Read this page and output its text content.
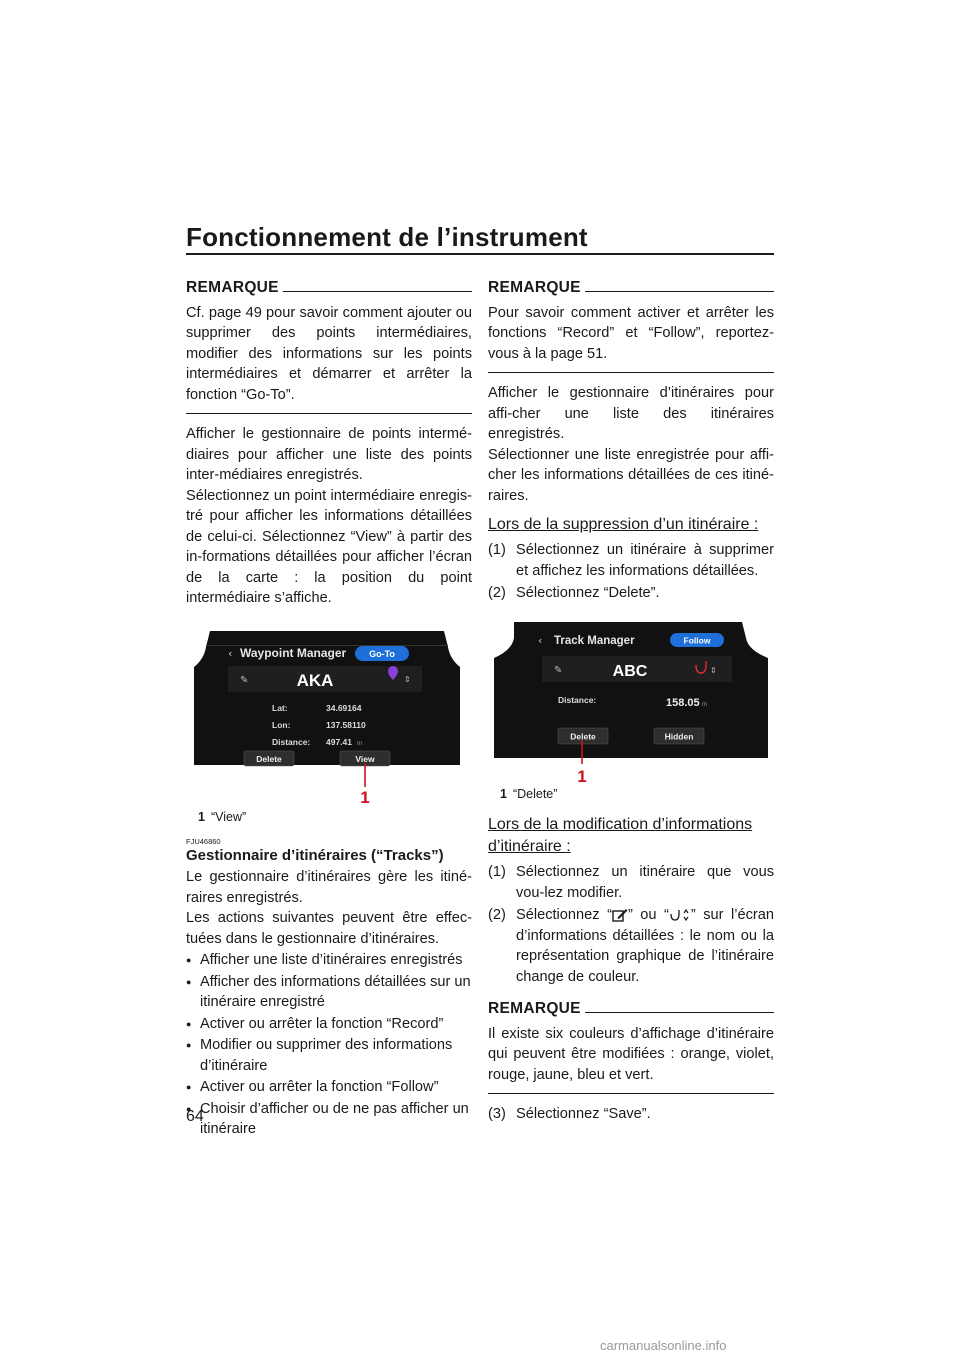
Fonctionnement de l’instrument
REMARQUE

Cf. page 49 pour savoir comment ajouter ou supprimer des points intermédiaires, modifier des informations sur les points intermédiaires et démarrer et arrêter la fonction “Go-To”.

Afficher le gestionnaire de points intermé-diaires pour afficher une liste des points inter-médiaires enregistrés.

Sélectionnez un point intermédiaire enregis-tré pour afficher les informations détaillées de celui-ci. Sélectionnez “View” à partir des in-formations détaillées pour afficher l’écran de la carte : la position du point intermédiaire s’affiche.

‹ Waypoint Manager	Go-To
✎	AKA	⇕
Lat:	34.69164
Lon:	137.58110
Distance: 497.41 m
Delete	View
1
1 “View”
FJU46860
Gestionnaire d’itinéraires (“Tracks”)

Le gestionnaire d’itinéraires gère les itiné-raires enregistrés.

Les actions suivantes peuvent être effec-tuées dans le gestionnaire d’itinéraires.

● Afficher une liste d’itinéraires enregistrés
● Afficher des informations détaillées sur un itinéraire enregistré
● Activer ou arrêter la fonction “Record”
● Modifier ou supprimer des informations d’itinéraire
● Activer ou arrêter la fonction “Follow”
● Choisir d’afficher ou de ne pas afficher un itinéraire
REMARQUE

Pour savoir comment activer et arrêter les fonctions “Record” et “Follow”, reportez-vous à la page 51.

Afficher le gestionnaire d’itinéraires pour affi-cher une liste des itinéraires enregistrés.

Sélectionner une liste enregistrée pour affi-cher les informations détaillées de ces itiné-raires.

Lors de la suppression d’un itinéraire :
(1) Sélectionnez un itinéraire à supprimer et affichez les informations détaillées.
(2) Sélectionnez “Delete”.
‹ Track Manager	Follow
✎	ABC	⇕
Distance:	158.05 m
Delete	Hidden
1
1 “Delete”
Lors de la modification d’informations d’itinéraire :
(1) Sélectionnez un itinéraire que vous vou-lez modifier.
(2) Sélectionnez “ ” ou “ ” sur l’écran d’informations détaillées : le nom ou la représentation graphique de l’itinéraire change de couleur.
REMARQUE

Il existe six couleurs d’affichage d’itinéraire qui peuvent être modifiées : orange, violet, rouge, jaune, bleu et vert.

(3) Sélectionnez “Save”.
64
carmanualsonline.info
